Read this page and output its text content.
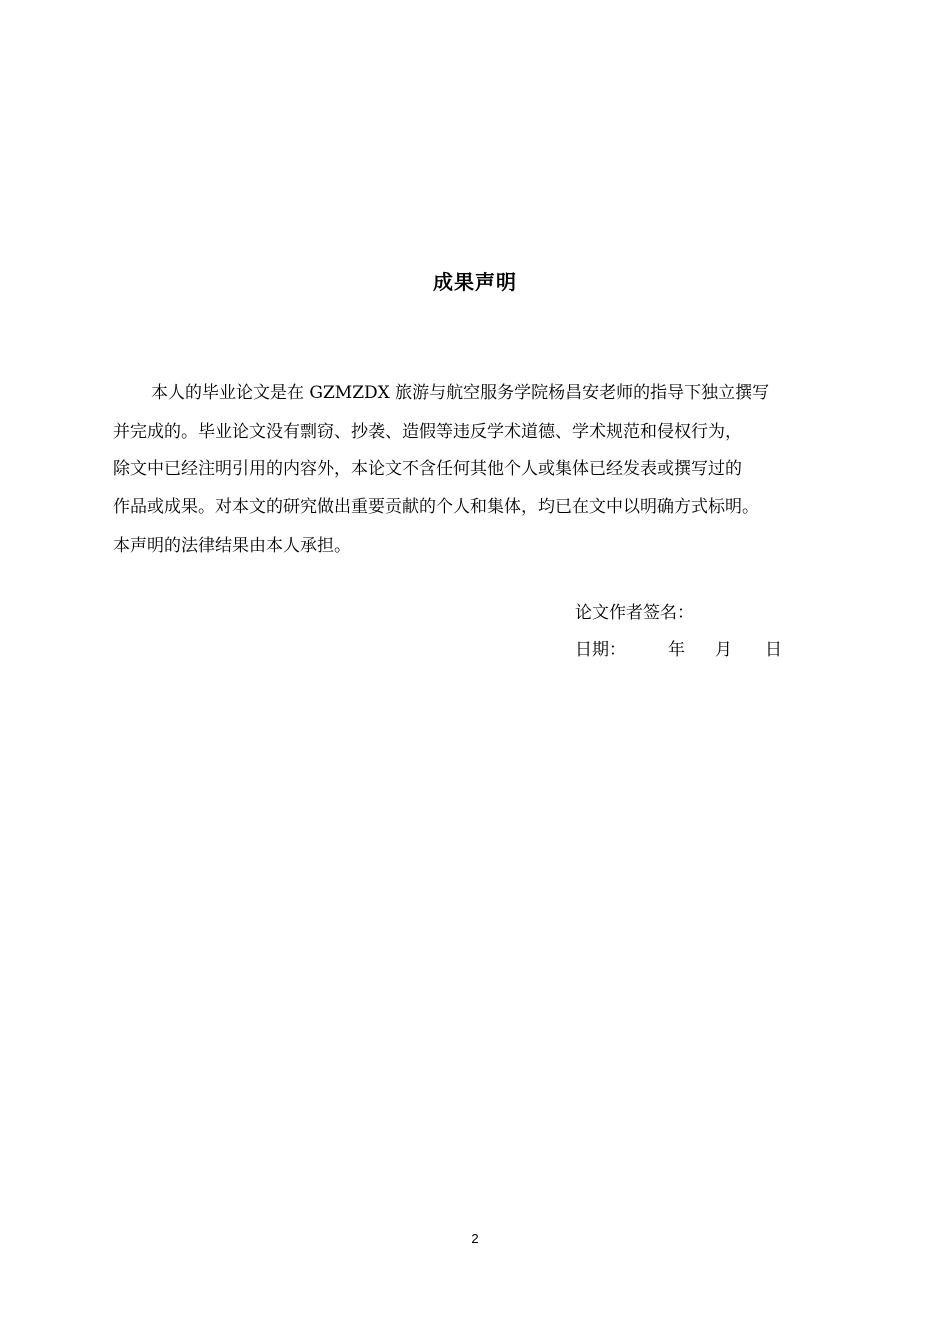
成果声明
本人的毕业论文是在 GZMZDX 旅游与航空服务学院杨昌安老师的指导下独立撰写
并完成的。毕业论文没有剽窃、抄袭、造假等违反学术道德、学术规范和侵权行为，
除文中已经注明引用的内容外，本论文不含任何其他个人或集体已经发表或撰写过的
作品或成果。对本文的研究做出重要贡献的个人和集体，均已在文中以明确方式标明。
本声明的法律结果由本人承担。
论文作者签名：
日期： 年 月 日
2
